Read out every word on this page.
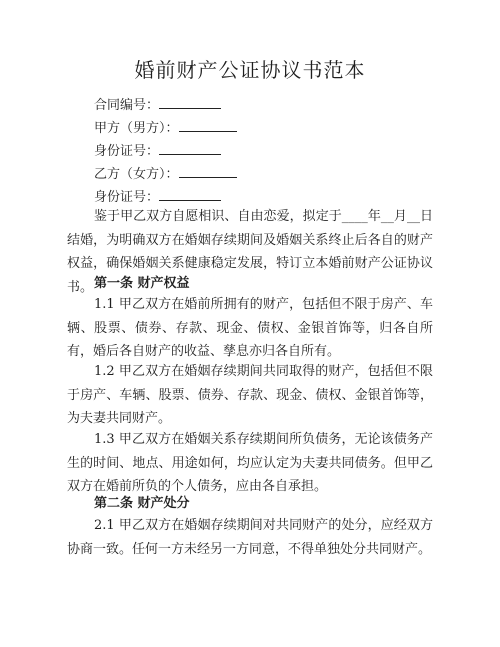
婚前财产公证协议书范本
合同编号：
甲方（男方）：
身份证号：
乙方（女方）：
身份证号：

鉴于甲乙双方自愿相识、自由恋爱，拟定于____年__月__日结婚，为明确双方在婚姻存续期间及婚姻关系终止后各自的财产权益，确保婚姻关系健康稳定发展，特订立本婚前财产公证协议书。 第一条 财产权益

1.1 甲乙双方在婚前所拥有的财产，包括但不限于房产、车辆、股票、债券、存款、现金、债权、金银首饰等，归各自所有，婚后各自财产的收益、孳息亦归各自所有。

1.2 甲乙双方在婚姻存续期间共同取得的财产，包括但不限于房产、车辆、股票、债券、存款、现金、债权、金银首饰等，为夫妻共同财产。

1.3 甲乙双方在婚姻关系存续期间所负债务，无论该债务产生的时间、地点、用途如何，均应认定为夫妻共同债务。但甲乙双方在婚前所负的个人债务，应由各自承担。

第二条 财产处分

2.1 甲乙双方在婚姻存续期间对共同财产的处分，应经双方协商一致。任何一方未经另一方同意，不得单独处分共同财产。
